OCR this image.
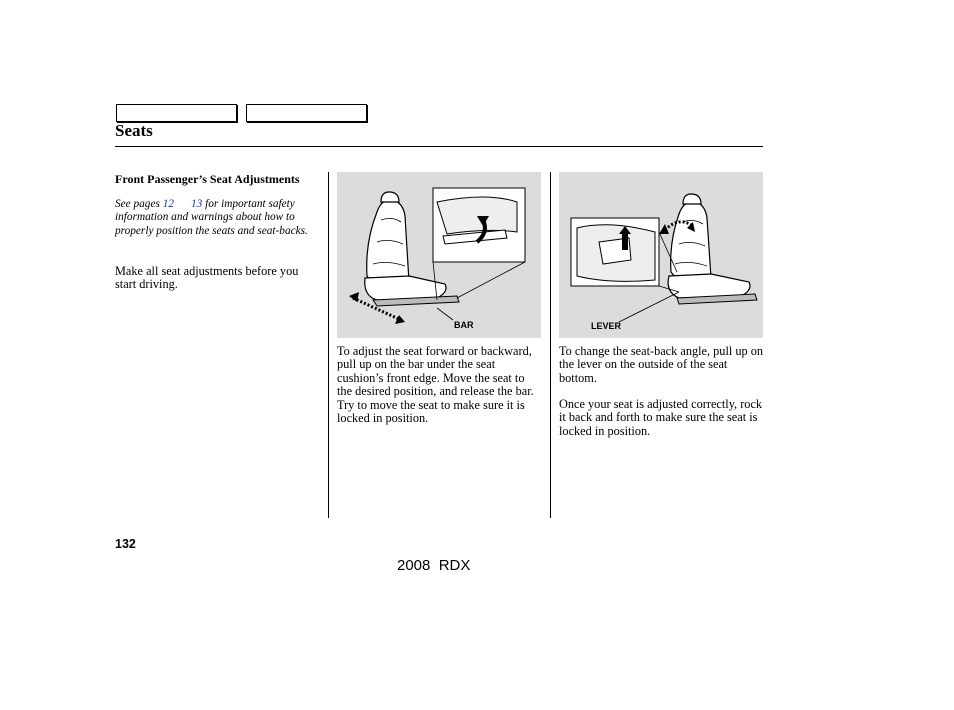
Seats
Front Passenger’s Seat Adjustments
See pages 12 13 for important safety information and warnings about how to properly position the seats and seat-backs.
Make all seat adjustments before you start driving.
BAR	LEVER
To adjust the seat forward or backward, pull up on the bar under the seat cushion’s front edge. Move the seat to the desired position, and release the bar. Try to move the seat to make sure it is locked in position.
To change the seat-back angle, pull up on the lever on the outside of the seat bottom.
Once your seat is adjusted correctly, rock it back and forth to make sure the seat is locked in position.
132
2008  RDX
